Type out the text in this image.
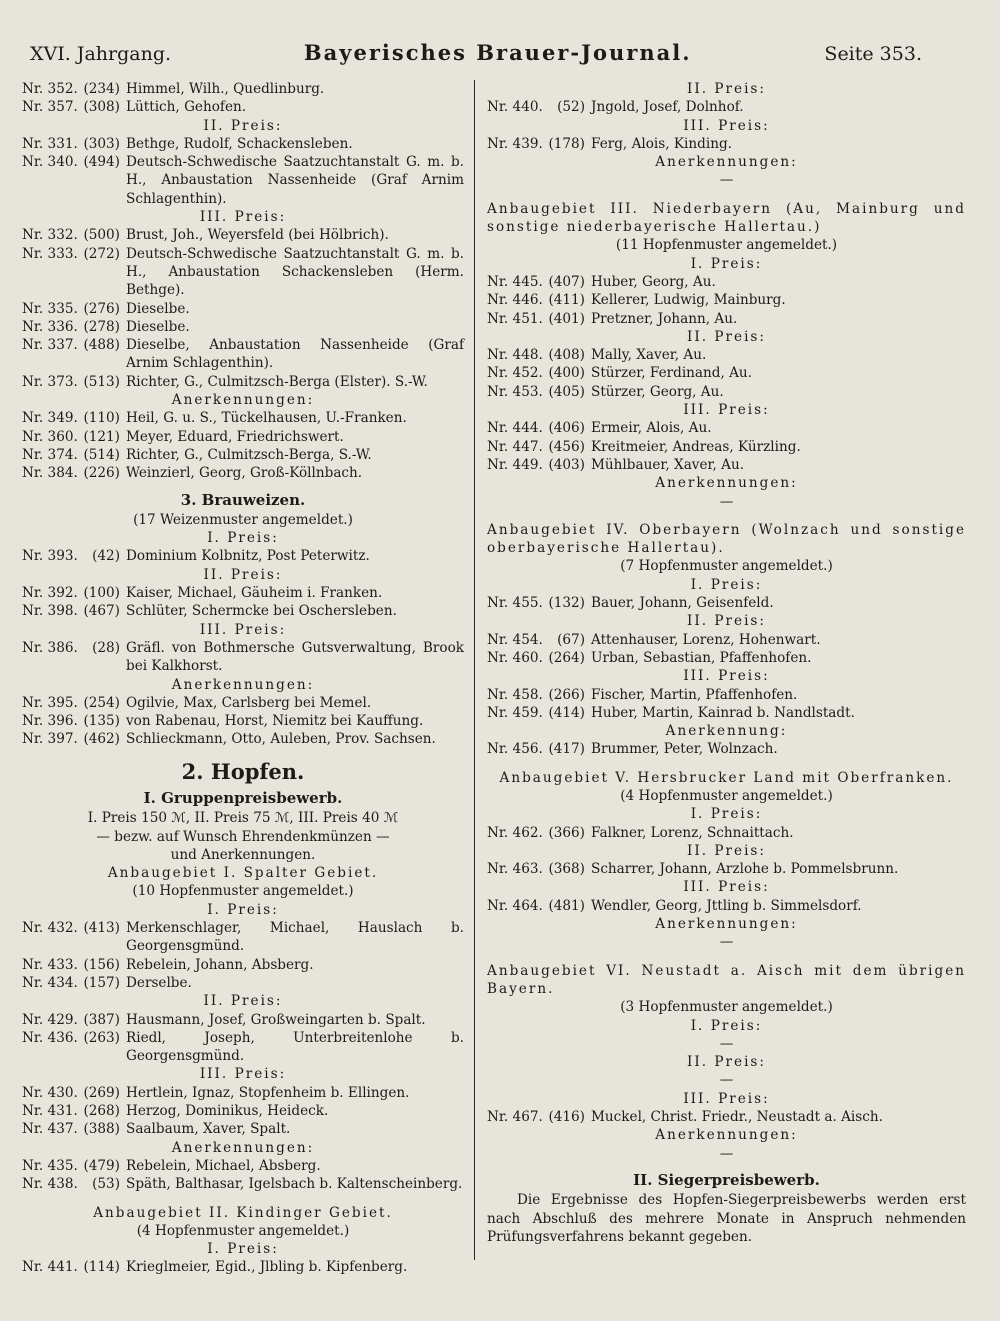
XVI. Jahrgang.	Bayerisches Brauer-Journal.	Seite 353.
Nr. 352. (234) Himmel, Wilh., Quedlinburg.
Nr. 357. (308) Lüttich, Gehofen.
II. Preis:
Nr. 331. (303) Bethge, Rudolf, Schackensleben.
Nr. 340. (494) Deutsch-Schwedische Saatzuchtanstalt G. m. b. H., Anbaustation Nassenheide (Graf Arnim Schlagenthin).
III. Preis:
Nr. 332. (500) Brust, Joh., Weyersfeld (bei Hölbrich).
Nr. 333. (272) Deutsch-Schwedische Saatzuchtanstalt G. m. b. H., Anbaustation Schackensleben (Herm. Bethge).
Nr. 335. (276) Dieselbe.
Nr. 336. (278) Dieselbe.
Nr. 337. (488) Dieselbe, Anbaustation Nassenheide (Graf Arnim Schlagenthin).
Nr. 373. (513) Richter, G., Culmitzsch-Berga (Elster). S.-W.
Anerkennungen:
Nr. 349. (110) Heil, G. u. S., Tückelhausen, U.-Franken.
Nr. 360. (121) Meyer, Eduard, Friedrichswert.
Nr. 374. (514) Richter, G., Culmitzsch-Berga, S.-W.
Nr. 384. (226) Weinzierl, Georg, Groß-Köllnbach.
3. Brauweizen.
(17 Weizenmuster angemeldet.)
I. Preis:
Nr. 393.	(42) Dominium Kolbnitz, Post Peterwitz.
II. Preis:
Nr. 392. (100) Kaiser, Michael, Gäuheim i. Franken.
Nr. 398. (467) Schlüter, Schermcke bei Oschersleben.
III. Preis:
Nr. 386.	(28) Gräfl. von Bothmersche Gutsverwaltung, Brook bei Kalkhorst.
Anerkennungen:
Nr. 395. (254) Ogilvie, Max, Carlsberg bei Memel.
Nr. 396. (135) von Rabenau, Horst, Niemitz bei Kauffung.
Nr. 397. (462) Schlieckmann, Otto, Auleben, Prov. Sachsen.
2. Hopfen.
I. Gruppenpreisbewerb.
I. Preis 150 ℳ, II. Preis 75 ℳ, III. Preis 40 ℳ
— bezw. auf Wunsch Ehrendenkmünzen —
und Anerkennungen.
Anbaugebiet I. Spalter Gebiet.
(10 Hopfenmuster angemeldet.)
I. Preis:
Nr. 432. (413) Merkenschlager, Michael, Hauslach b. Georgensgmünd.
Nr. 433. (156) Rebelein, Johann, Absberg.
Nr. 434. (157) Derselbe.
II. Preis:
Nr. 429. (387) Hausmann, Josef, Großweingarten b. Spalt.
Nr. 436. (263) Riedl, Joseph, Unterbreitenlohe b. Georgensgmünd.
III. Preis:
Nr. 430. (269) Hertlein, Ignaz, Stopfenheim b. Ellingen.
Nr. 431. (268) Herzog, Dominikus, Heideck.
Nr. 437. (388) Saalbaum, Xaver, Spalt.
Anerkennungen:
Nr. 435. (479) Rebelein, Michael, Absberg.
Nr. 438.	(53) Späth, Balthasar, Igelsbach b. Kaltenscheinberg.
Anbaugebiet II. Kindinger Gebiet.
(4 Hopfenmuster angemeldet.)
I. Preis:
Nr. 441. (114) Krieglmeier, Egid., Jlbling b. Kipfenberg.
II. Preis:
Nr. 440.	(52) Jngold, Josef, Dolnhof.
III. Preis:
Nr. 439. (178) Ferg, Alois, Kinding.
Anerkennungen:
—
Anbaugebiet III. Niederbayern (Au, Mainburg und sonstige niederbayerische Hallertau.)
(11 Hopfenmuster angemeldet.)
I. Preis:
Nr. 445. (407) Huber, Georg, Au.
Nr. 446. (411) Kellerer, Ludwig, Mainburg.
Nr. 451. (401) Pretzner, Johann, Au.
II. Preis:
Nr. 448. (408) Mally, Xaver, Au.
Nr. 452. (400) Stürzer, Ferdinand, Au.
Nr. 453. (405) Stürzer, Georg, Au.
III. Preis:
Nr. 444. (406) Ermeir, Alois, Au.
Nr. 447. (456) Kreitmeier, Andreas, Kürzling.
Nr. 449. (403) Mühlbauer, Xaver, Au.
Anerkennungen:
—
Anbaugebiet IV. Oberbayern (Wolnzach und sonstige oberbayerische Hallertau).
(7 Hopfenmuster angemeldet.)
I. Preis:
Nr. 455. (132) Bauer, Johann, Geisenfeld.
II. Preis:
Nr. 454.	(67) Attenhauser, Lorenz, Hohenwart.
Nr. 460. (264) Urban, Sebastian, Pfaffenhofen.
III. Preis:
Nr. 458. (266) Fischer, Martin, Pfaffenhofen.
Nr. 459. (414) Huber, Martin, Kainrad b. Nandlstadt.
Anerkennung:
Nr. 456. (417) Brummer, Peter, Wolnzach.
Anbaugebiet V. Hersbrucker Land mit Oberfranken.
(4 Hopfenmuster angemeldet.)
I. Preis:
Nr. 462. (366) Falkner, Lorenz, Schnaittach.
II. Preis:
Nr. 463. (368) Scharrer, Johann, Arzlohe b. Pommelsbrunn.
III. Preis:
Nr. 464. (481) Wendler, Georg, Jttling b. Simmelsdorf.
Anerkennungen:
—
Anbaugebiet VI. Neustadt a. Aisch mit dem übrigen Bayern.
(3 Hopfenmuster angemeldet.)
I. Preis:
—
II. Preis:
—
III. Preis:
Nr. 467. (416) Muckel, Christ. Friedr., Neustadt a. Aisch.
Anerkennungen:
—
II. Siegerpreisbewerb.
Die Ergebnisse des Hopfen-Siegerpreisbewerbs werden erst nach Abschluß des mehrere Monate in Anspruch nehmenden Prüfungsverfahrens bekannt gegeben.
